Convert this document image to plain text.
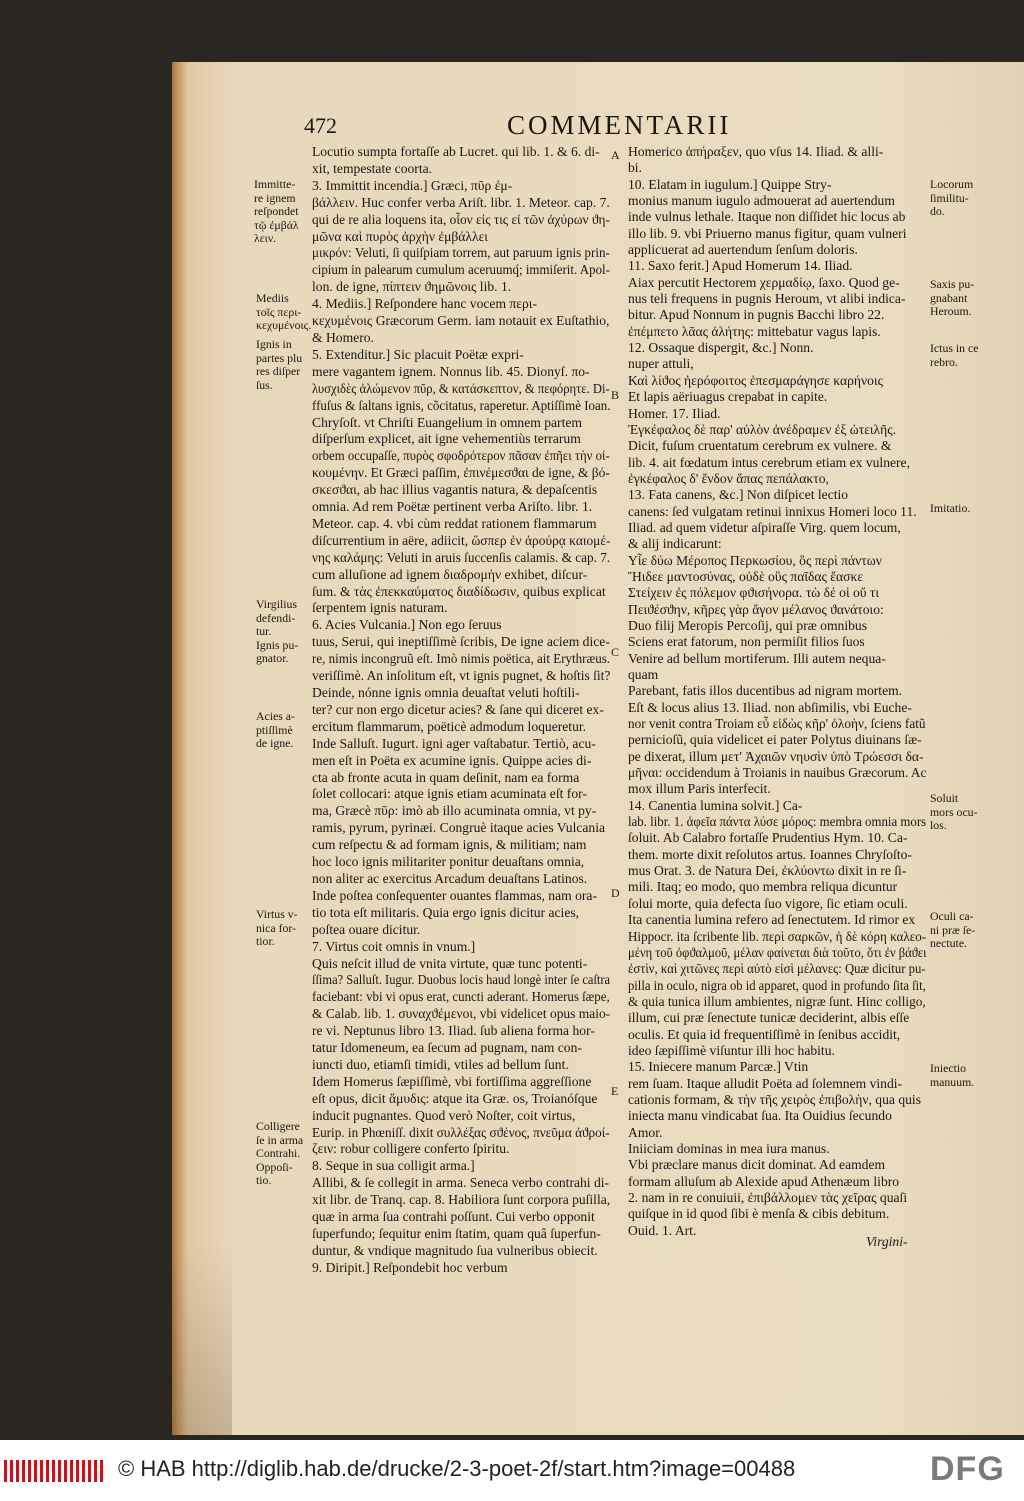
472	COMMENTARII

Locutio sumpta fortaſſe ab Lucret. qui lib. 1. & 6. di-

xit, tempestate coorta.

3. Immittit incendia.] Græci, πῦρ ἐμ-

βάλλειν. Huc confer verba Ariſt. libr. 1. Meteor. cap. 7.

qui de re alia loquens ita, οἷον εἰς τις εἰ τῶν ἀχύρων ϑη-

μῶνα καὶ πυρὸς ἀρχὴν ἐμβάλλει

μικρόν: Veluti, ſi quiſpiam torrem, aut paruum ignis prin-

cipium in palearum cumulum aceruumq́; immiſerit. Apol-

lon. de igne, πίπτειν ϑημῶνοις lib. 1.

4. Mediis.] Reſpondere hanc vocem περι-

κεχυμένοις Græcorum Germ. iam notauit ex Euſtathio,

& Homero.

5. Extenditur.] Sic placuit Poëtæ expri-

mere vagantem ignem. Nonnus lib. 45. Dionyſ. πο-

λυσχιδὲς ἀλώμενον πῦρ, & κατάσκεπτον, & πεφόρητε. Di-

ffuſus & ſaltans ignis, cõcitatus, raperetur. Aptiſſimè Ioan.

Chryſoſt. vt Chriſti Euangelium in omnem partem

diſperſum explicet, ait igne vehementiùs terrarum

orbem occupaſſe, πυρὸς σφοδρότερον πᾶσαν ἐπῆει τὴν οἰ-

κουμένην. Et Græci paſſim, ἐπινέμεσϑαι de igne, & βό-

σκεσϑαι, ab hac illius vagantis natura, & depaſcentis

omnia. Ad rem Poëtæ pertinent verba Ariſto. libr. 1.

Meteor. cap. 4. vbi cùm reddat rationem flammarum

diſcurrentium in aëre, adiicit, ὥσπερ ἐν ἀρούρᾳ καιομέ-

νης καλάμης: Veluti in aruis ſuccenſis calamis. & cap. 7.

cum alluſione ad ignem διαδρομὴν exhibet, diſcur-

ſum. & τὰς ἐπεκκαύματος διαδίδωσιν, quibus explicat

ſerpentem ignis naturam.

6. Acies Vulcania.] Non ego ſeruus

tuus, Serui, qui ineptiſſimè ſcribis, De igne aciem dice-

re, nimis incongruũ eſt. Imò nimis poëtica, ait Erythræus.

veriſſimè. An inſolitum eſt, vt ignis pugnet, & hoſtis ſit?

Deinde, nónne ignis omnia deuaſtat veluti hoſtili-

ter? cur non ergo dicetur acies? & ſane qui diceret ex-

ercitum flammarum, poëticè admodum loqueretur.

Inde Salluſt. Iugurt. igni ager vaſtabatur. Tertiò, acu-

men eſt in Poëta ex acumine ignis. Quippe acies di-

cta ab fronte acuta in quam deſinit, nam ea forma

ſolet collocari: atque ignis etiam acuminata eſt for-

ma, Græcè πῦρ: imò ab illo acuminata omnia, vt py-

ramis, pyrum, pyrinæi. Congruè itaque acies Vulcania

cum reſpectu & ad formam ignis, & militiam; nam

hoc loco ignis militariter ponitur deuaſtans omnia,

non aliter ac exercitus Arcadum deuaſtans Latinos.

Inde poſtea conſequenter ouantes flammas, nam ora-

tio tota eſt militaris. Quia ergo ignis dicitur acies,

poſtea ouare dicitur.

7. Virtus coit omnis in vnum.]

Quis neſcit illud de vnita virtute, quæ tunc potenti-

ſſima? Salluſt. Iugur. Duobus locis haud longè inter ſe caſtra

faciebant: vbi vi opus erat, cuncti aderant. Homerus ſæpe,

& Calab. lib. 1. συναχϑέμενοι, vbi videlicet opus maio-

re vi. Neptunus libro 13. Iliad. ſub aliena forma hor-

tatur Idomeneum, ea ſecum ad pugnam, nam con-

iuncti duo, etiamſi timidi, vtiles ad bellum ſunt.

Idem Homerus ſæpiſſimè, vbi fortiſſima aggreſſione

eſt opus, dicit ἅμυδις: atque ita Græ. os, Troianóſque

inducit pugnantes. Quod verò Noſter, coit virtus,

Eurip. in Phœniſſ. dixit συλλέξας σϑένος, πνεῦμα ἀϑροί-

ζειν: robur colligere conferto ſpiritu.

8. Seque in sua colligit arma.]

Allibi, & ſe collegit in arma. Seneca verbo contrahi di-

xit libr. de Tranq. cap. 8. Habiliora ſunt corpora puſilla,

quæ in arma ſua contrahi poſſunt. Cui verbo opponit

ſuperfundo; ſequitur enim ſtatim, quam quâ ſuperfun-

duntur, & vndique magnitudo ſua vulneribus obiecit.

9. Diripit.] Reſpondebit hoc verbum

Homerico ἀπήραξεν, quo vſus 14. Iliad. & alli-

bi.

10. Elatam in iugulum.] Quippe Stry-

monius manum iugulo admouerat ad auertendum

inde vulnus lethale. Itaque non diſſidet hic locus ab

illo lib. 9. vbi Priuerno manus figitur, quam vulneri

applicuerat ad auertendum ſenſum doloris.

11. Saxo ferit.] Apud Homerum 14. Iliad.

Aiax percutit Hectorem χερμαδίῳ, ſaxo. Quod ge-

nus teli frequens in pugnis Heroum, vt alibi indica-

bitur. Apud Nonnum in pugnis Bacchi libro 22.

ἐπέμπετο λᾶας ἀλήτης: mittebatur vagus lapis.

12. Ossaque dispergit, &c.] Nonn.

nuper attuli,

Καὶ λίϑος ἠερόφοιτος ἐπεσμαράγησε καρήνοις

Et lapis aëriuagus crepabat in capite.

Homer. 17. Iliad.

Ἐγκέφαλος δὲ παρ' αὐλὸν ἀνέδραμεν ἐξ ὠτειλῆς.

Dicit, fuſum cruentatum cerebrum ex vulnere. &

lib. 4. ait fœdatum intus cerebrum etiam ex vulnere,

ἐγκέφαλος δ' ἔνδον ἅπας πεπάλακτο,

13. Fata canens, &c.] Non diſpicet lectio

canens: ſed vulgatam retinui innixus Homeri loco 11.

Iliad. ad quem videtur aſpiraſſe Virg. quem locum,

& alij indicarunt:

Υἷε δύω Μέροπος Περκωσίου, ὃς περὶ πάντων

Ἤιδεε μαντοσύνας, οὐδὲ οὓς παῖδας ἔασκε

Στείχειν ἐς πόλεμον φϑισήνορα. τὼ δέ οἱ οὔ τι

Πειϑέσϑην, κῆρες γὰρ ἄγον μέλανος ϑανάτοιο:

Duo filij Meropis Percoſij, qui præ omnibus

Sciens erat fatorum, non permiſit filios ſuos

Venire ad bellum mortiferum. Illi autem nequa-

quam

Parebant, fatis illos ducentibus ad nigram mortem.

Eſt & locus alius 13. Iliad. non abſimilis, vbi Euche-

nor venit contra Troiam εὖ εἰδὼς κῆρ' ὀλοὴν, ſciens fatũ

pernicioſũ, quia videlicet ei pater Polytus diuinans ſæ-

pe dixerat, illum μετ' Ἀχαιῶν νηυσὶν ὑπὸ Τρώεσσι δα-

μῆναι: occidendum à Troianis in nauibus Græcorum. Ac

mox illum Paris interfecit.

14. Canentia lumina solvit.] Ca-

lab. libr. 1. ἀφεῖα πάντα λύσε μόρος: membra omnia mors

ſoluit. Ab Calabro fortaſſe Prudentius Hym. 10. Ca-

them. morte dixit reſolutos artus. Ioannes Chryſoſto-

mus Orat. 3. de Natura Dei, ἐκλύοντω dixit in re ſi-

mili. Itaq; eo modo, quo membra reliqua dicuntur

ſolui morte, quia defecta ſuo vigore, ſic etiam oculi.

Ita canentia lumina refero ad ſenectutem. Id rimor ex

Hippocr. ita ſcribente lib. περὶ σαρκῶν, ἡ δὲ κόρη καλεο-

μένη τοῦ ὀφϑαλμοῦ, μέλαν φαίνεται διὰ τοῦτο, ὅτι ἐν βάϑει

ἐστὶν, καὶ χιτῶνες περὶ αὐτὸ εἰσὶ μέλανες: Quæ dicitur pu-

pilla in oculo, nigra ob id apparet, quod in profundo ſita ſit,

& quia tunica illum ambientes, nigræ ſunt. Hinc colligo,

illum, cui præ ſenectute tunicæ deciderint, albis eſſe

oculis. Et quia id frequentiſſimè in ſenibus accidit,

ideo ſæpiſſimè viſuntur illi hoc habitu.

15. Iniecere manum Parcæ.] Vtin

rem ſuam. Itaque alludit Poëta ad ſolemnem vindi-

cationis formam, & τὴν τῆς χειρὸς ἐπιβολὴν, qua quis

iniecta manu vindicabat ſua. Ita Ouidius ſecundo

Amor.

Iniiciam dominas in mea iura manus.

Vbi præclare manus dicit dominat. Ad eamdem

formam alluſum ab Alexide apud Athenæum libro

2. nam in re conuiuii, ἐπιβάλλομεν τὰς χεῖρας quaſi

quiſque in id quod ſibi è menſa & cibis debitum.

Ouid. 1. Art.

A
B
C
D
E
Immitte-
re ignem
reſpondet
τῷ ἐμβάλ
λειν.
Mediis
τοῖς περι-
κεχυμένοις.
Ignis in
partes plu
res diſper
ſus.
Virgilius
defendi-
tur.
Ignis pu-
gnator.
Acies a-
ptiſſimè
de igne.
Virtus v-
nica for-
tior.
Colligere
ſe in arma
Contrahi.
Oppoſi-
tio.
Locorum
ſimilitu-
do.
Saxis pu-
gnabant
Heroum.
Ictus in ce
rebro.
Imitatio.
Soluit
mors ocu-
los.
Oculi ca-
ni præ ſe-
nectute.
Iniectio
manuum.
Virgini-
© HAB http://diglib.hab.de/drucke/2-3-poet-2f/start.htm?image=00488	DFG
